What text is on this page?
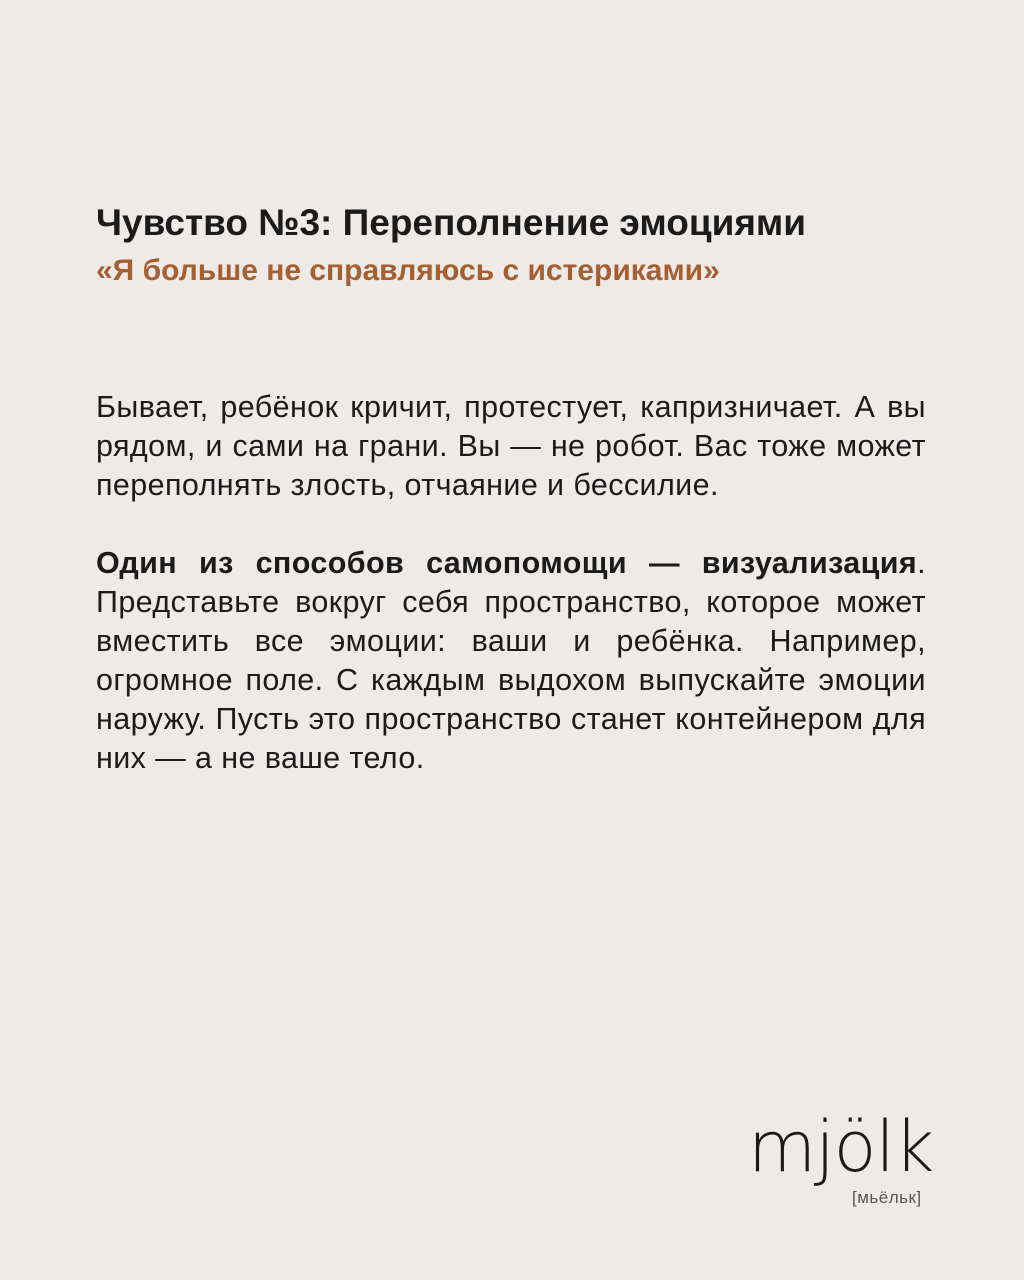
Чувство №3: Переполнение эмоциями

«Я больше не справляюсь с истериками»

Бывает, ребёнок кричит, протестует, капризничает. А вы рядом, и сами на грани. Вы — не робот. Вас тоже может переполнять злость, отчаяние и бессилие.

Один из способов самопомощи — визуализация. Представьте вокруг себя пространство, которое может вместить все эмоции: ваши и ребёнка. Например, огромное поле. С каждым выдохом выпускайте эмоции наружу. Пусть это пространство станет контейнером для них — а не ваше тело.

mjölk
[мьёльк]
